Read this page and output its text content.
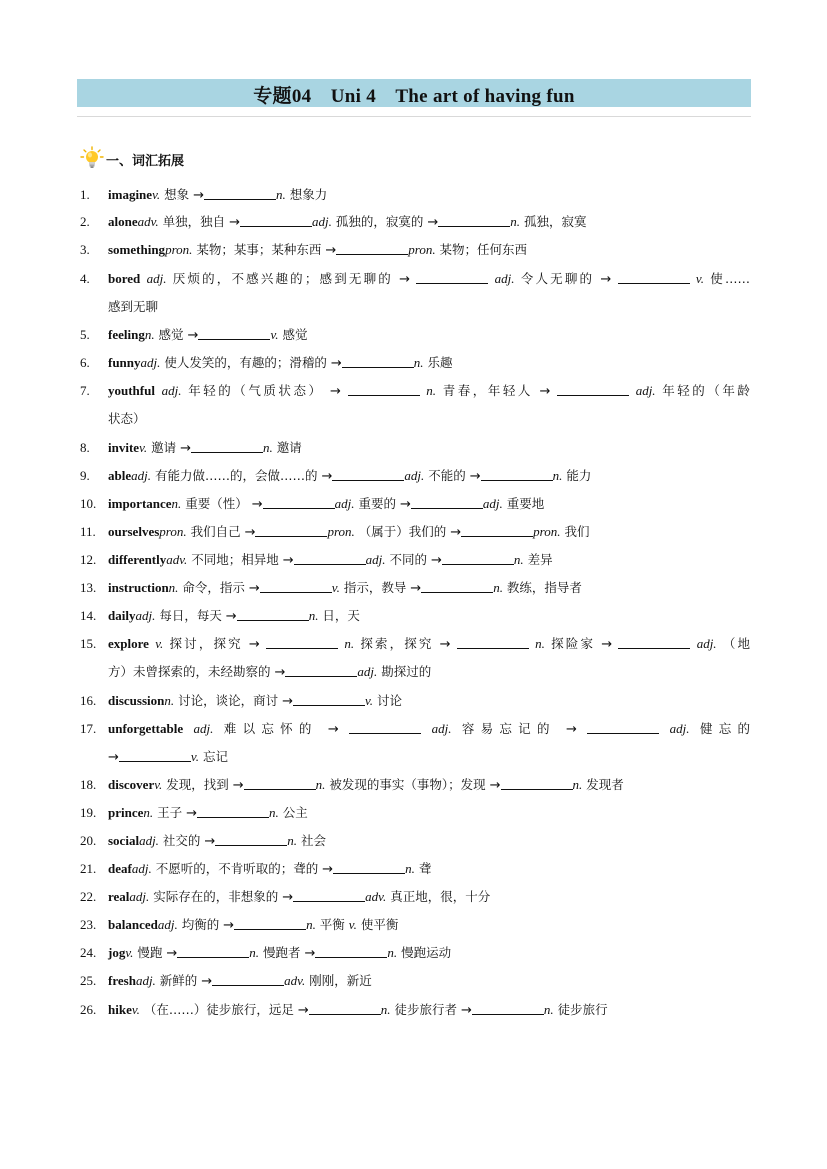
专题04　Uni 4　The art of having fun
一、词汇拓展
1.	imaginev. 想象 →	n. 想象力
2.	aloneadv. 单独，独自 →	adj. 孤独的，寂寞的 →	n. 孤独，寂寞
3.	somethingpron. 某物；某事；某种东西 →	pron. 某物；任何东西
4.	bored adj. 厌烦的，不感兴趣的；感到无聊的 →	adj. 令人无聊的 →	v. 使……
感到无聊
5.	feelingn. 感觉 →	v. 感觉
6.	funnyadj. 使人发笑的，有趣的；滑稽的 →	n. 乐趣
7.	youthful adj. 年轻的（气质状态） →	n. 青春，年轻人 →	adj. 年轻的（年龄
状态）
8.	invitev. 邀请 →	n. 邀请
9.	ableadj. 有能力做……的，会做……的 →	adj. 不能的 →	n. 能力
10. importancen. 重要（性） →	adj. 重要的 →	adj. 重要地
11. ourselvespron. 我们自己 →	pron. （属于）我们的 →	pron. 我们
12. differentlyadv. 不同地；相异地 →	adj. 不同的 →	n. 差异
13. instructionn. 命令，指示 →	v. 指示，教导 →	n. 教练，指导者
14. dailyadj. 每日，每天 →	n. 日，天
15. explore v. 探讨，探究 →	n. 探索，探究 →	n. 探险家 →	adj. （地
方）未曾探索的，未经勘察的 →	adj. 勘探过的
16. discussionn. 讨论，谈论，商讨 →	v. 讨论
17. unforgettable adj. 难以忘怀的 →	adj. 容易忘记的 →	adj. 健忘的
→	v. 忘记
18. discoverv. 发现，找到 →	n. 被发现的事实（事物）；发现 →	n. 发现者
19. princen. 王子 →	n. 公主
20. socialadj. 社交的 →	n. 社会
21. deafadj. 不愿听的，不肯听取的；聋的 →	n. 聋
22. realadj. 实际存在的，非想象的 →	adv. 真正地，很，十分
23. balancedadj. 均衡的 →	n. 平衡 v. 使平衡
24. jogv. 慢跑 →	n. 慢跑者 →	n. 慢跑运动
25. freshadj. 新鲜的 →	adv. 刚刚，新近
26. hikev. （在……）徒步旅行，远足 →	n. 徒步旅行者 →	n. 徒步旅行
